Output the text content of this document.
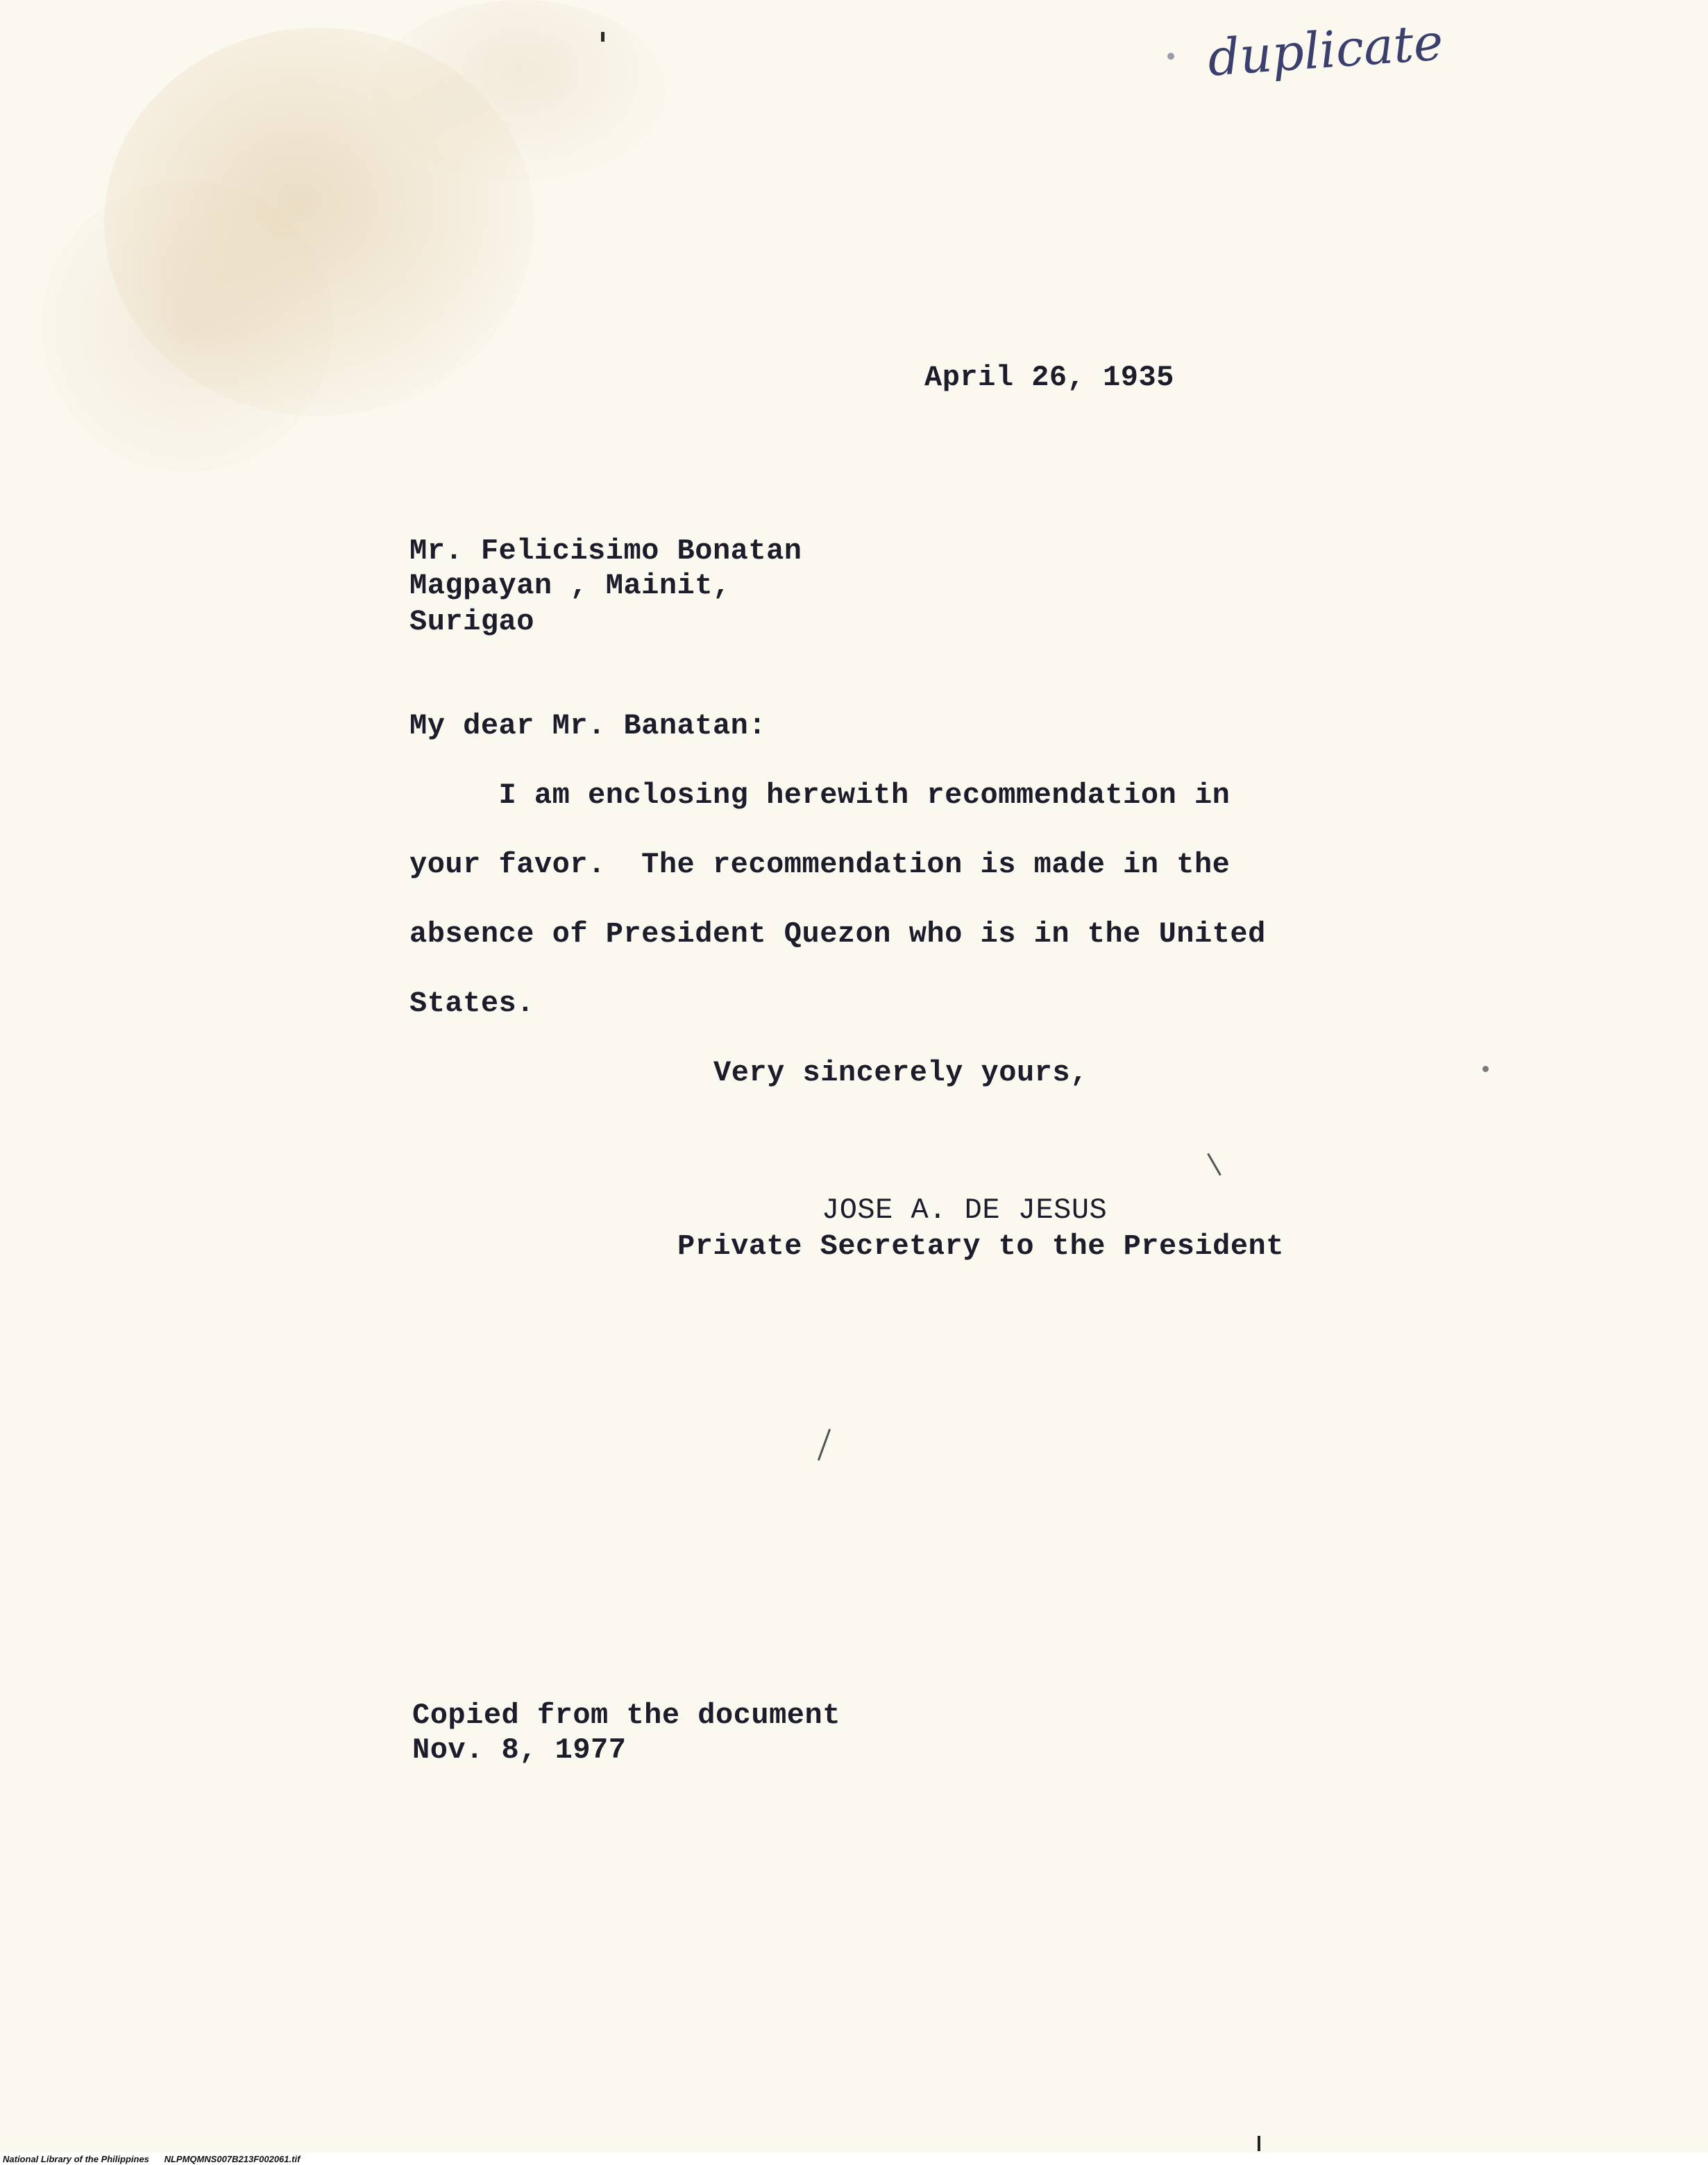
duplicate

April 26, 1935

Mr. Felicisimo Bonatan

Magpayan , Mainit,

Surigao

My dear Mr. Banatan:

I am enclosing herewith recommendation in

your favor.  The recommendation is made in the

absence of President Quezon who is in the United

States.

Very sincerely yours,

JOSE A. DE JESUS

Private Secretary to the President

Copied from the document

Nov. 8, 1977

National Library of the Philippines NLPMQMNS007B213F002061.tif
